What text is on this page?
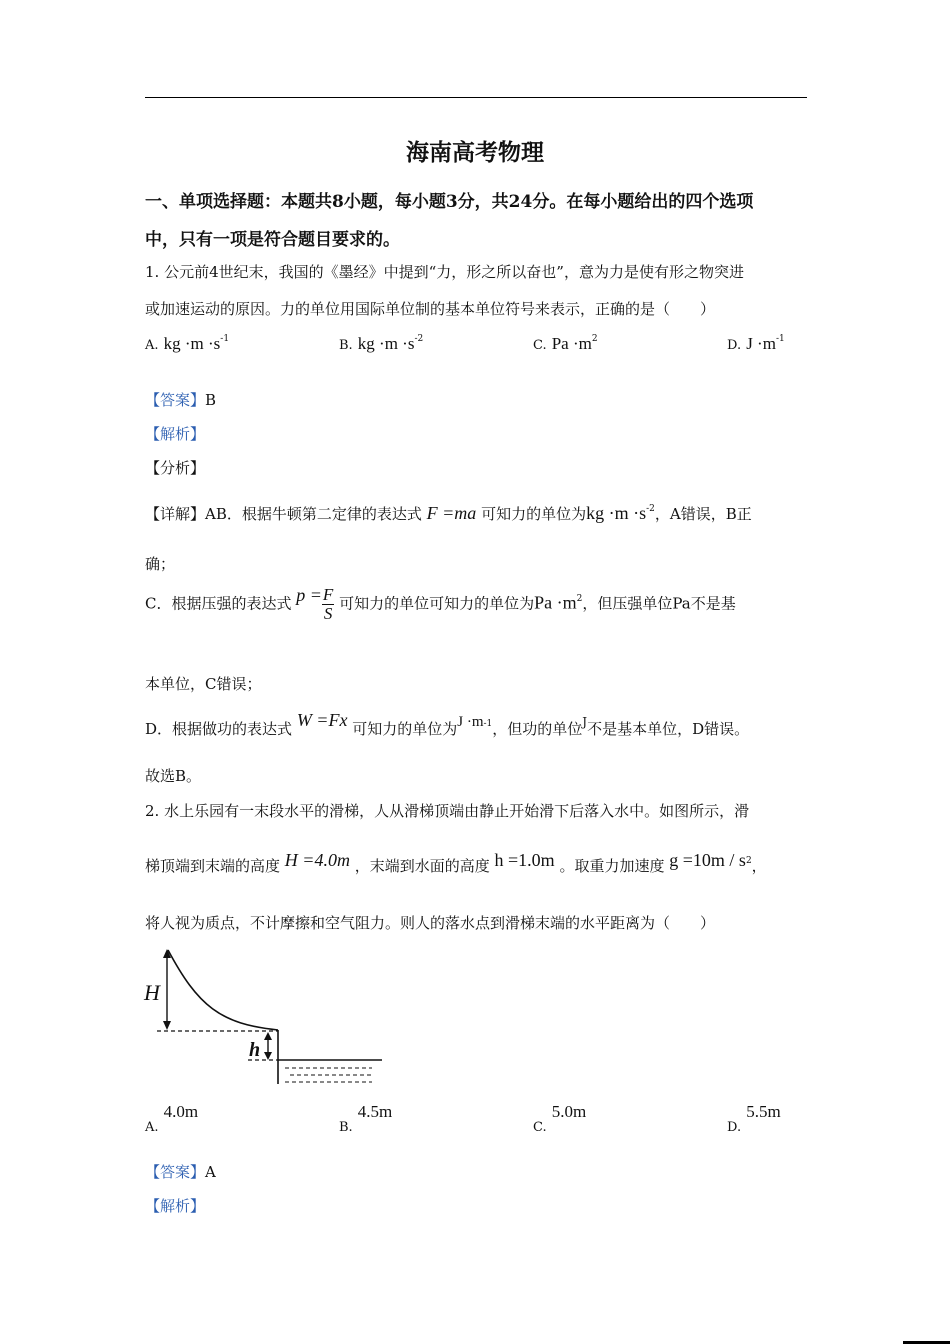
海南高考物理
一、单项选择题：本题共8小题，每小题3分，共24分。在每小题给出的四个选项
中，只有一项是符合题目要求的。
1. 公元前4世纪末，我国的《墨经》中提到“力，形之所以奋也”，意为力是使有形之物突进
或加速运动的原因。力的单位用国际单位制的基本单位符号来表示，正确的是（　　）
A. kg $\cdot m \cdot s^{-1}$	B. kg $\cdot m \cdot s^{-2}$	C. $Pa \cdot m^2$	D. $J \cdot m^{-1}$
【答案】B
【解析】
【分析】
【详解】AB．根据牛顿第二定律的表达式 F =ma 可知力的单位为kg $\cdot m \cdot s^{-2}$，A错误，B正
确；
C．根据压强的表达式 $p = \frac{F}{S}$ 可知力的单位可知力的单位为$Pa \cdot m^2$，但压强单位Pa不是基
本单位，C错误；
D．根据做功的表达式 W =Fx 可知力的单位为$J \cdot m^{-1}$，但功的单位$^J$不是基本单位，D错误。
故选B。
2. 水上乐园有一末段水平的滑梯，人从滑梯顶端由静止开始滑下后落入水中。如图所示，滑
梯顶端到末端的高度 H =4.0m ，末端到水面的高度 h =1.0m 。取重力加速度 $g =10m / s^2$，
将人视为质点，不计摩擦和空气阻力。则人的落水点到滑梯末端的水平距离为（　　）
H
h
$_{A.}$ 4.0m
$_{B.}$ 4.5m
$_{C.}$ 5.0m
$_{D.}$ 5.5m
【答案】A
【解析】
